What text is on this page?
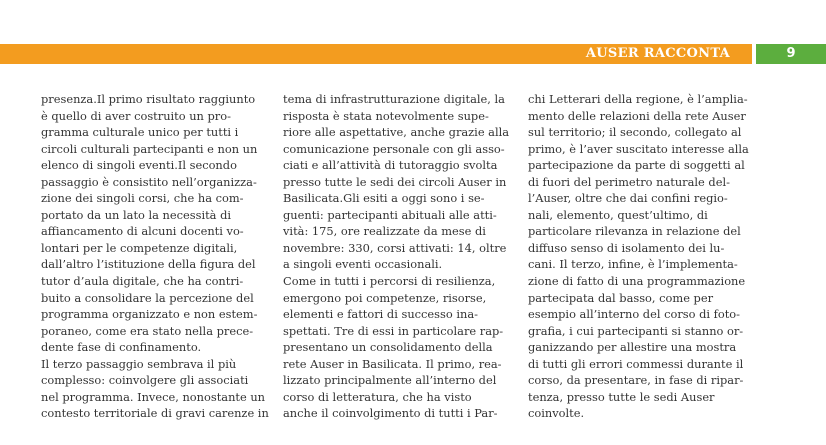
AUSER RACCONTA	9
presenza.Il primo risultato raggiunto
è quello di aver costruito un pro-
gramma culturale unico per tutti i
circoli culturali partecipanti e non un
elenco di singoli eventi.Il secondo
passaggio è consistito nell’organizza-
zione dei singoli corsi, che ha com-
portato da un lato la necessità di
affiancamento di alcuni docenti vo-
lontari per le competenze digitali,
dall’altro l’istituzione della figura del
tutor d’aula digitale, che ha contri-
buito a consolidare la percezione del
programma organizzato e non estem-
poraneo, come era stato nella prece-
dente fase di confinamento.
Il terzo passaggio sembrava il più
complesso: coinvolgere gli associati
nel programma. Invece, nonostante un
contesto territoriale di gravi carenze in
tema di infrastrutturazione digitale, la
risposta è stata notevolmente supe-
riore alle aspettative, anche grazie alla
comunicazione personale con gli asso-
ciati e all’attività di tutoraggio svolta
presso tutte le sedi dei circoli Auser in
Basilicata.Gli esiti a oggi sono i se-
guenti: partecipanti abituali alle atti-
vità: 175, ore realizzate da mese di
novembre: 330, corsi attivati: 14, oltre
a singoli eventi occasionali.
Come in tutti i percorsi di resilienza,
emergono poi competenze, risorse,
elementi e fattori di successo ina-
spettati. Tre di essi in particolare rap-
presentano un consolidamento della
rete Auser in Basilicata. Il primo, rea-
lizzato principalmente all’interno del
corso di letteratura, che ha visto
anche il coinvolgimento di tutti i Par-
chi Letterari della regione, è l’amplia-
mento delle relazioni della rete Auser
sul territorio; il secondo, collegato al
primo, è l’aver suscitato interesse alla
partecipazione da parte di soggetti al
di fuori del perimetro naturale del-
l’Auser, oltre che dai confini regio-
nali, elemento, quest’ultimo, di
particolare rilevanza in relazione del
diffuso senso di isolamento dei lu-
cani. Il terzo, infine, è l’implementa-
zione di fatto di una programmazione
partecipata dal basso, come per
esempio all’interno del corso di foto-
grafia, i cui partecipanti si stanno or-
ganizzando per allestire una mostra
di tutti gli errori commessi durante il
corso, da presentare, in fase di ripar-
tenza, presso tutte le sedi Auser
coinvolte.
